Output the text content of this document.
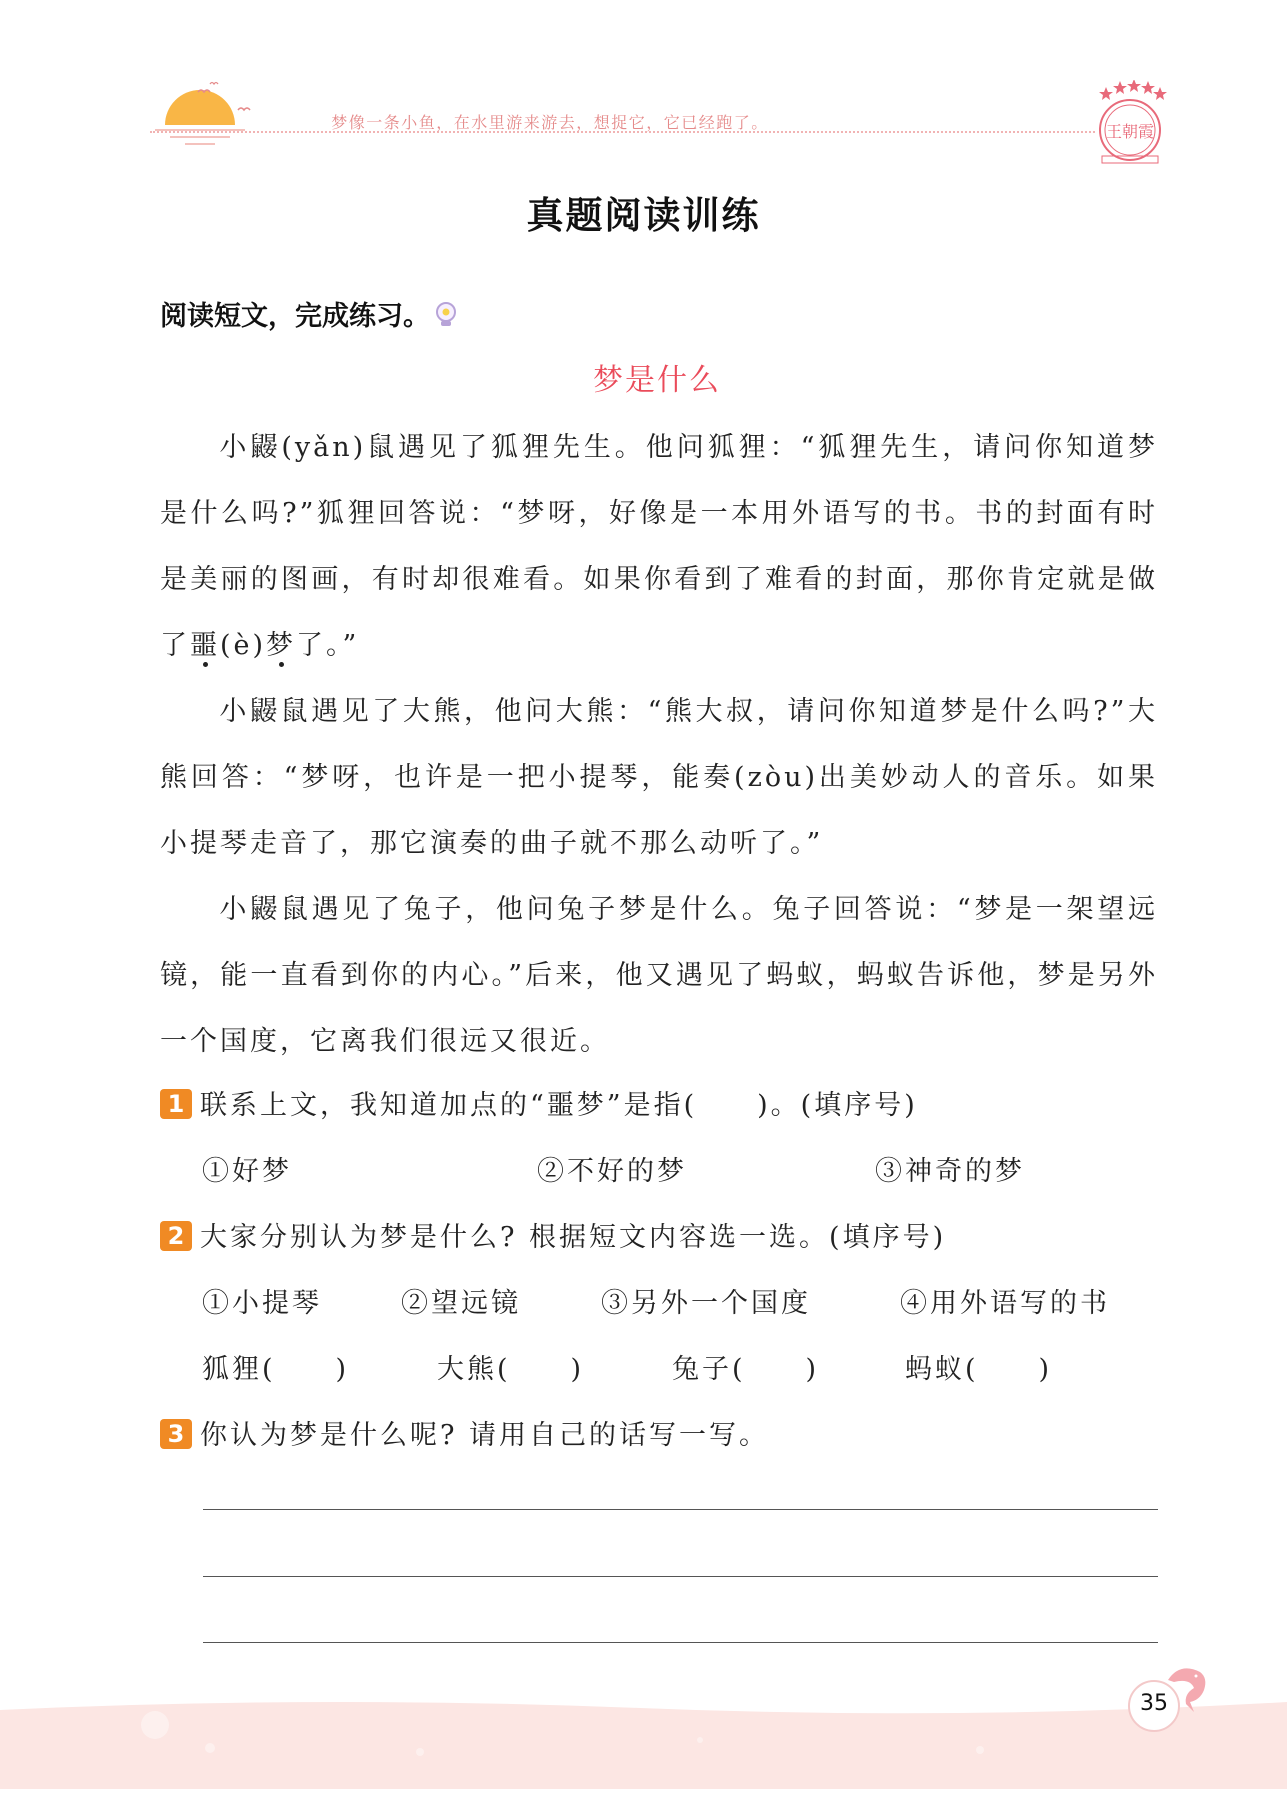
梦像一条小鱼，在水里游来游去，想捉它，它已经跑了。	王朝霞
真题阅读训练
阅读短文，完成练习。
梦是什么

小鼹(yǎn)鼠遇见了狐狸先生。他问狐狸：“狐狸先生，请问你知道梦是什么吗?”狐狸回答说：“梦呀，好像是一本用外语写的书。书的封面有时是美丽的图画，有时却很难看。如果你看到了难看的封面，那你肯定就是做了噩(è)梦了。”

小鼹鼠遇见了大熊，他问大熊：“熊大叔，请问你知道梦是什么吗?”大熊回答：“梦呀，也许是一把小提琴，能奏(zòu)出美妙动人的音乐。如果小提琴走音了，那它演奏的曲子就不那么动听了。”

小鼹鼠遇见了兔子，他问兔子梦是什么。兔子回答说：“梦是一架望远镜，能一直看到你的内心。”后来，他又遇见了蚂蚁，蚂蚁告诉他，梦是另外一个国度，它离我们很远又很近。

1 联系上文，我知道加点的“噩梦”是指(　　)。(填序号)
①好梦	②不好的梦	③神奇的梦
2 大家分别认为梦是什么? 根据短文内容选一选。(填序号)
①小提琴	②望远镜	③另外一个国度	④用外语写的书
狐狸(　　)	大熊(　　)	兔子(　　)	蚂蚁(　　)
3 你认为梦是什么呢? 请用自己的话写一写。
35
